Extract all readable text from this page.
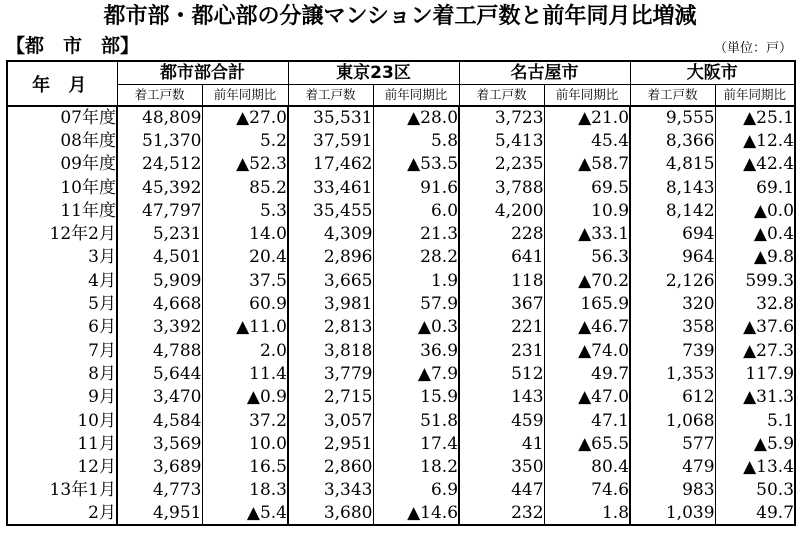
都市部・都心部の分譲マンション着工戸数と前年同月比増減
【都　市　部】	（単位：戸）
年 月	都市部合計		東京23区		名古屋市		大阪市	
	着工戸数	前年同期比	着工戸数	前年同期比	着工戸数	前年同期比	着工戸数	前年同期比
07年度	48,809	▲27.0	35,531	▲28.0	3,723	▲21.0	9,555	▲25.1
08年度	51,370	5.2	37,591	5.8	5,413	45.4	8,366	▲12.4
09年度	24,512	▲52.3	17,462	▲53.5	2,235	▲58.7	4,815	▲42.4
10年度	45,392	85.2	33,461	91.6	3,788	69.5	8,143	69.1
11年度	47,797	5.3	35,455	6.0	4,200	10.9	8,142	▲0.0
12年2月	5,231	14.0	4,309	21.3	228	▲33.1	694	▲0.4
3月	4,501	20.4	2,896	28.2	641	56.3	964	▲9.8
4月	5,909	37.5	3,665	1.9	118	▲70.2	2,126	599.3
5月	4,668	60.9	3,981	57.9	367	165.9	320	32.8
6月	3,392	▲11.0	2,813	▲0.3	221	▲46.7	358	▲37.6
7月	4,788	2.0	3,818	36.9	231	▲74.0	739	▲27.3
8月	5,644	11.4	3,779	▲7.9	512	49.7	1,353	117.9
9月	3,470	▲0.9	2,715	15.9	143	▲47.0	612	▲31.3
10月	4,584	37.2	3,057	51.8	459	47.1	1,068	5.1
11月	3,569	10.0	2,951	17.4	41	▲65.5	577	▲5.9
12月	3,689	16.5	2,860	18.2	350	80.4	479	▲13.4
13年1月	4,773	18.3	3,343	6.9	447	74.6	983	50.3
2月	4,951	▲5.4	3,680	▲14.6	232	1.8	1,039	49.7
